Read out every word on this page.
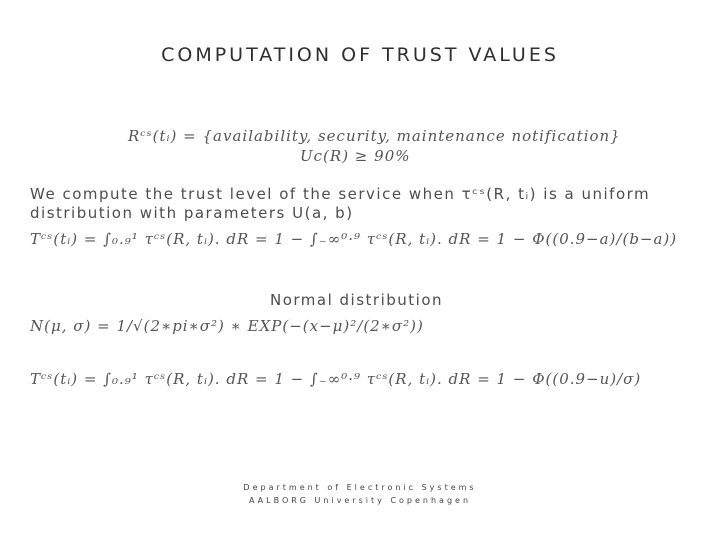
COMPUTATION OF TRUST VALUES
Rᶜˢ(tᵢ) = {availability, security, maintenance notification}
Uc(R) ≥ 90%
We compute the trust level of the service when τᶜˢ(R, tᵢ) is a uniform
distribution with parameters U(a, b)
Tᶜˢ(tᵢ) = ∫₀.₉¹ τᶜˢ(R, tᵢ). dR = 1 − ∫₋∞⁰·⁹ τᶜˢ(R, tᵢ). dR = 1 − Φ((0.9−a)/(b−a))
Normal distribution
N(μ, σ) = 1/√(2∗pi∗σ²) ∗ EXP(−(x−μ)²/(2∗σ²))
Tᶜˢ(tᵢ) = ∫₀.₉¹ τᶜˢ(R, tᵢ). dR = 1 − ∫₋∞⁰·⁹ τᶜˢ(R, tᵢ). dR = 1 − Φ((0.9−u)/σ)
Department of Electronic Systems
AALBORG University Copenhagen
